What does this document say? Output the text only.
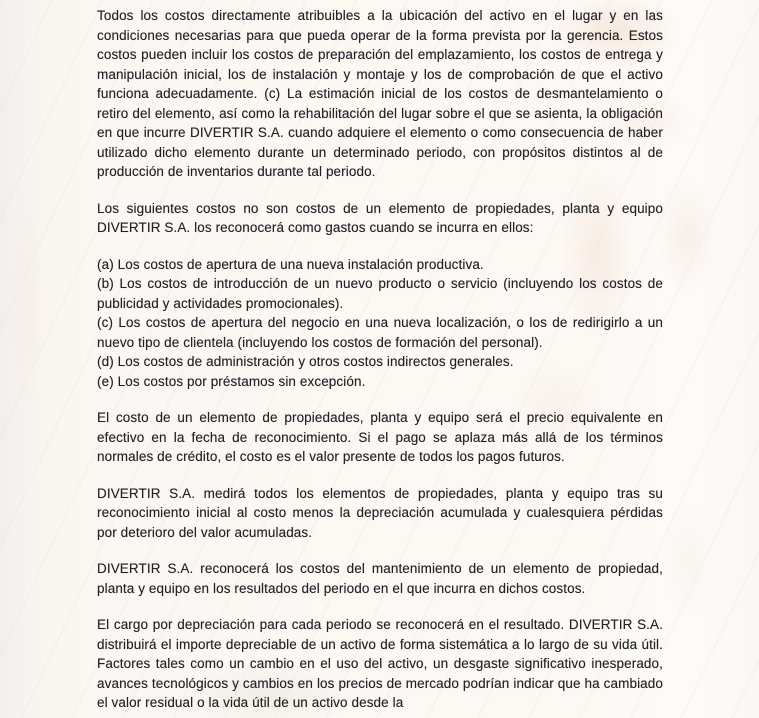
Todos los costos directamente atribuibles a la ubicación del activo en el lugar y en las condiciones necesarias para que pueda operar de la forma prevista por la gerencia. Estos costos pueden incluir los costos de preparación del emplazamiento, los costos de entrega y manipulación inicial, los de instalación y montaje y los de comprobación de que el activo funciona adecuadamente. (c) La estimación inicial de los costos de desmantelamiento o retiro del elemento, así como la rehabilitación del lugar sobre el que se asienta, la obligación en que incurre DIVERTIR S.A. cuando adquiere el elemento o como consecuencia de haber utilizado dicho elemento durante un determinado periodo, con propósitos distintos al de producción de inventarios durante tal periodo.

Los siguientes costos no son costos de un elemento de propiedades, planta y equipo DIVERTIR S.A. los reconocerá como gastos cuando se incurra en ellos:

(a) Los costos de apertura de una nueva instalación productiva.

(b) Los costos de introducción de un nuevo producto o servicio (incluyendo los costos de publicidad y actividades promocionales).

(c) Los costos de apertura del negocio en una nueva localización, o los de redirigirlo a un nuevo tipo de clientela (incluyendo los costos de formación del personal).

(d) Los costos de administración y otros costos indirectos generales.

(e) Los costos por préstamos sin excepción.

El costo de un elemento de propiedades, planta y equipo será el precio equivalente en efectivo en la fecha de reconocimiento. Si el pago se aplaza más allá de los términos normales de crédito, el costo es el valor presente de todos los pagos futuros.

DIVERTIR S.A. medirá todos los elementos de propiedades, planta y equipo tras su reconocimiento inicial al costo menos la depreciación acumulada y cualesquiera pérdidas por deterioro del valor acumuladas.

DIVERTIR S.A. reconocerá los costos del mantenimiento de un elemento de propiedad, planta y equipo en los resultados del periodo en el que incurra en dichos costos.

El cargo por depreciación para cada periodo se reconocerá en el resultado. DIVERTIR S.A. distribuirá el importe depreciable de un activo de forma sistemática a lo largo de su vida útil. Factores tales como un cambio en el uso del activo, un desgaste significativo inesperado, avances tecnológicos y cambios en los precios de mercado podrían indicar que ha cambiado el valor residual o la vida útil de un activo desde la
